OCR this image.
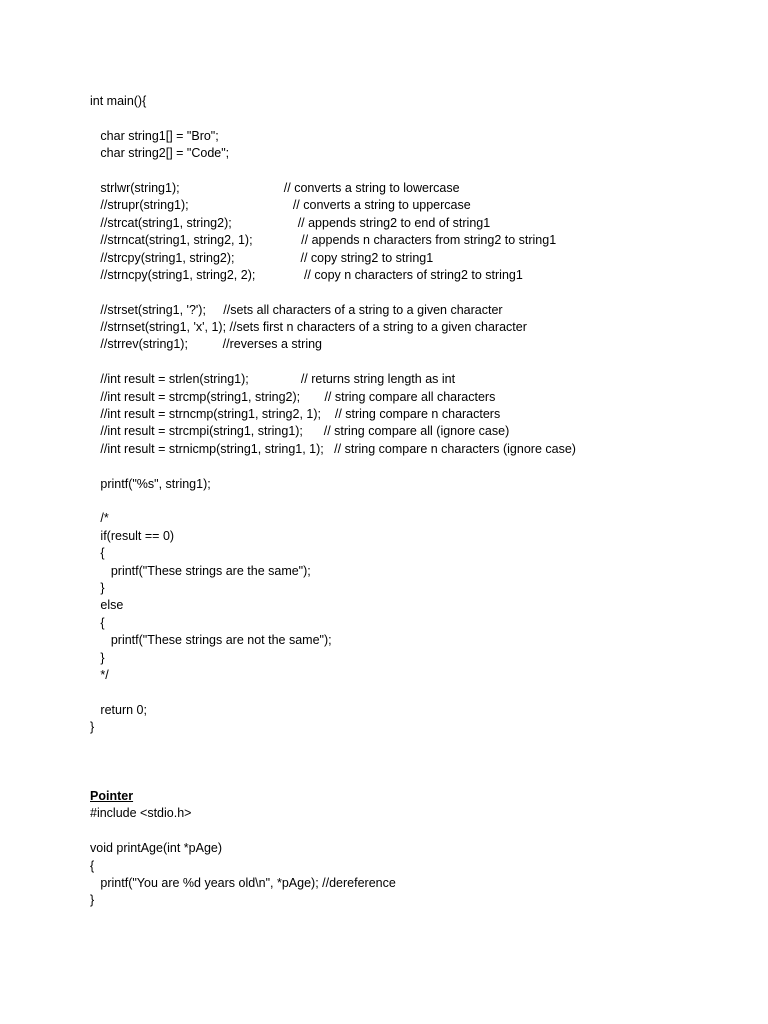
int main(){
char string1[] = "Bro";
char string2[] = "Code";
strlwr(string1);                              // converts a string to lowercase
//strupr(string1);                              // converts a string to uppercase
//strcat(string1, string2);                   // appends string2 to end of string1
//strncat(string1, string2, 1);              // appends n characters from string2 to string1
//strcpy(string1, string2);                   // copy string2 to string1
//strncpy(string1, string2, 2);              // copy n characters of string2 to string1
//strset(string1, '?');     //sets all characters of a string to a given character
//strnset(string1, 'x', 1); //sets first n characters of a string to a given character
//strrev(string1);          //reverses a string
//int result = strlen(string1);               // returns string length as int
//int result = strcmp(string1, string2);       // string compare all characters
//int result = strncmp(string1, string2, 1);    // string compare n characters
//int result = strcmpi(string1, string1);      // string compare all (ignore case)
//int result = strnicmp(string1, string1, 1);   // string compare n characters (ignore case)
printf("%s", string1);
/*
if(result == 0)
{
printf("These strings are the same");
}
else
{
printf("These strings are not the same");
}
*/
return 0;
}
Pointer
#include <stdio.h>
void printAge(int *pAge)
{
printf("You are %d years old\n", *pAge); //dereference
}
